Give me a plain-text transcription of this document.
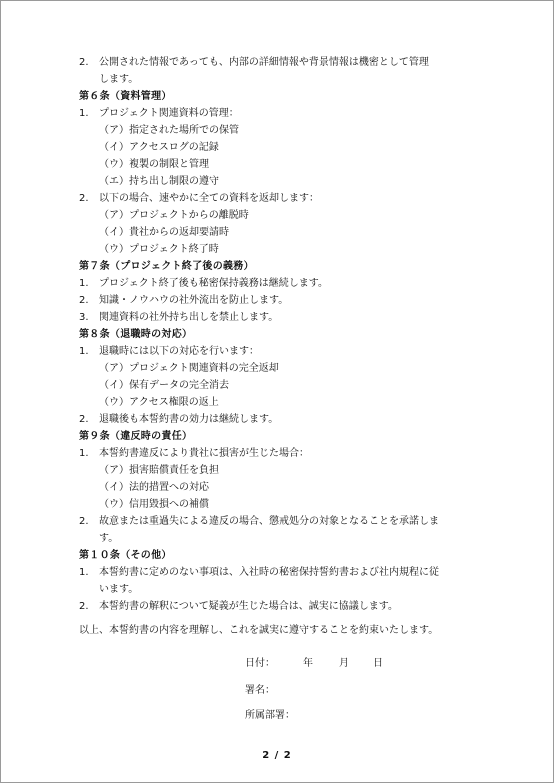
2.	公開された情報であっても、内部の詳細情報や背景情報は機密として管理
します。
第６条（資料管理）
1.	プロジェクト関連資料の管理：
（ア） 指定された場所での保管
（イ） アクセスログの記録
（ウ） 複製の制限と管理
（エ） 持ち出し制限の遵守
2.	以下の場合、速やかに全ての資料を返却します：
（ア） プロジェクトからの離脱時
（イ） 貴社からの返却要請時
（ウ） プロジェクト終了時
第７条（プロジェクト終了後の義務）
1.	プロジェクト終了後も秘密保持義務は継続します。
2.	知識・ノウハウの社外流出を防止します。
3.	関連資料の社外持ち出しを禁止します。
第８条（退職時の対応）
1.	退職時には以下の対応を行います：
（ア） プロジェクト関連資料の完全返却
（イ） 保有データの完全消去
（ウ） アクセス権限の返上
2.	退職後も本誓約書の効力は継続します。
第９条（違反時の責任）
1.	本誓約書違反により貴社に損害が生じた場合：
（ア） 損害賠償責任を負担
（イ） 法的措置への対応
（ウ） 信用毀損への補償
2.	故意または重過失による違反の場合、懲戒処分の対象となることを承諾しま
す。
第１０条（その他）
1.	本誓約書に定めのない事項は、入社時の秘密保持誓約書および社内規程に従
います。
2.	本誓約書の解釈について疑義が生じた場合は、誠実に協議します。
以上、本誓約書の内容を理解し、これを誠実に遵守することを約束いたします。
日付：	年	月 日
署名：
所属部署：
2 / 2
